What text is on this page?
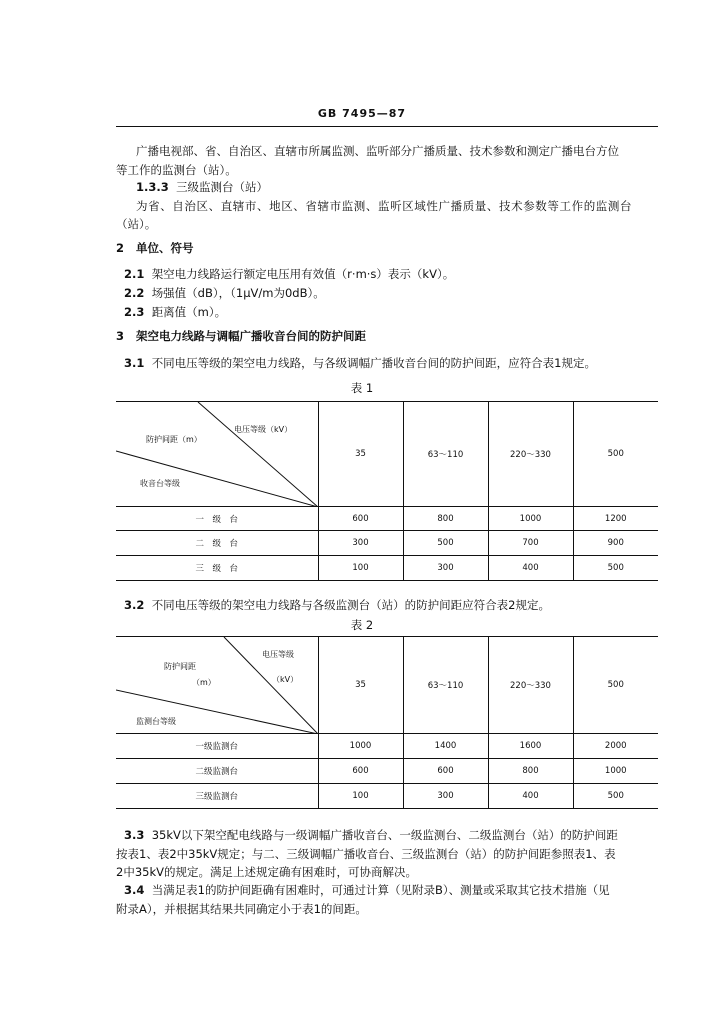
GB 7495—87
广播电视部、省、自治区、直辖市所属监测、监听部分广播质量、技术参数和测定广播电台方位
等工作的监测台（站）。
1.3.3 三级监测台（站）
为省、自治区、直辖市、地区、省辖市监测、监听区域性广播质量、技术参数等工作的监测台
（站）。
2 单位、符号
2.1 架空电力线路运行额定电压用有效值（r·m·s）表示（kV）。
2.2 场强值（dB），（1μV/m为0dB）。
2.3 距离值（m）。
3 架空电力线路与调幅广播收音台间的防护间距
3.1 不同电压等级的架空电力线路，与各级调幅广播收音台间的防护间距，应符合表1规定。
表 1
电压等级（kV）
防护间距（m）
收音台等级	35	63～110	220～330	500
一　级　台	600	800	1000	1200
二　级　台	300	500	700	900
三　级　台	100	300	400	500
3.2 不同电压等级的架空电力线路与各级监测台（站）的防护间距应符合表2规定。
表 2
电压等级
（kV）
防护间距
（m）
监测台等级	35	63～110	220～330	500
一级监测台	1000	1400	1600	2000
二级监测台	600	600	800	1000
三级监测台	100	300	400	500
3.3 35kV以下架空配电线路与一级调幅广播收音台、一级监测台、二级监测台（站）的防护间距
按表1、表2中35kV规定；与二、三级调幅广播收音台、三级监测台（站）的防护间距参照表1、表
2中35kV的规定。满足上述规定确有困难时，可协商解决。
3.4 当满足表1的防护间距确有困难时，可通过计算（见附录B）、测量或采取其它技术措施（见
附录A），并根据其结果共同确定小于表1的间距。
